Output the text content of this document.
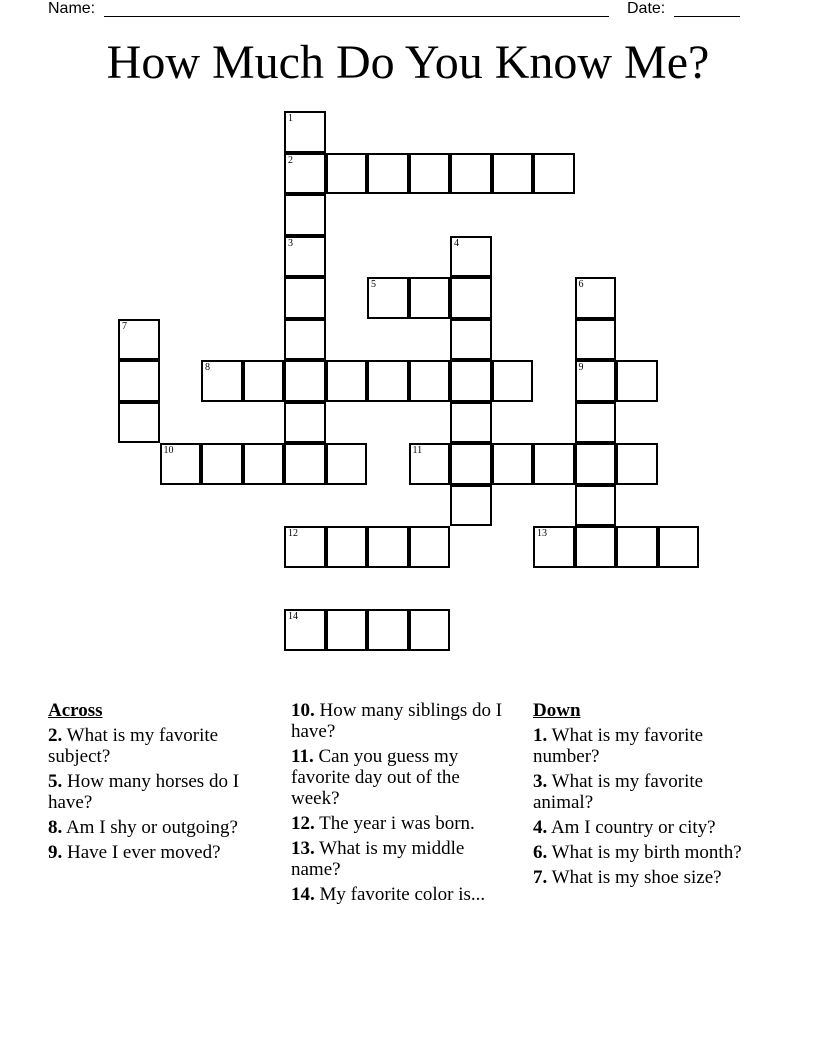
Name:	Date:
How Much Do You Know Me?
1
2
3	4
5	6
9
7
8
10	11
12	13
14
Across
2. What is my favorite subject?
5. How many horses do I have?
8. Am I shy or outgoing?
9. Have I ever moved?
10. How many siblings do I have?
11. Can you guess my favorite day out of the week?
12. The year i was born.
13. What is my middle name?
14. My favorite color is...
Down
1. What is my favorite number?
3. What is my favorite animal?
4. Am I country or city?
6. What is my birth month?
7. What is my shoe size?
